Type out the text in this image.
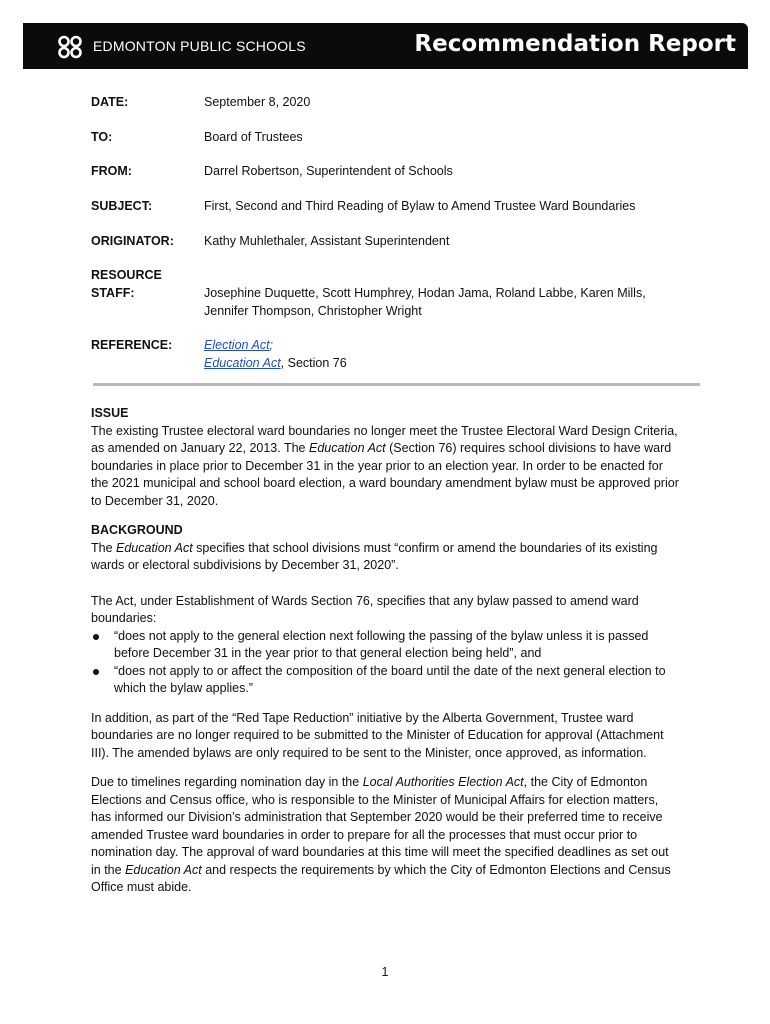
EDMONTON PUBLIC SCHOOLS	Recommendation Report
DATE:	September 8, 2020
TO:	Board of Trustees
FROM:	Darrel Robertson, Superintendent of Schools
SUBJECT:	First, Second and Third Reading of Bylaw to Amend Trustee Ward Boundaries
ORIGINATOR:	Kathy Muhlethaler, Assistant Superintendent
RESOURCE
STAFF:	Josephine Duquette, Scott Humphrey, Hodan Jama, Roland Labbe, Karen Mills,
Jennifer Thompson, Christopher Wright
REFERENCE:	Election Act;
Education Act, Section 76
ISSUE

The existing Trustee electoral ward boundaries no longer meet the Trustee Electoral Ward Design Criteria, as amended on January 22, 2013. The Education Act (Section 76) requires school divisions to have ward boundaries in place prior to December 31 in the year prior to an election year. In order to be enacted for the 2021 municipal and school board election, a ward boundary amendment bylaw must be approved prior to December 31, 2020.

BACKGROUND

The Education Act specifies that school divisions must “confirm or amend the boundaries of its existing wards or electoral subdivisions by December 31, 2020”.

The Act, under Establishment of Wards Section 76, specifies that any bylaw passed to amend ward boundaries:

“does not apply to the general election next following the passing of the bylaw unless it is passed before December 31 in the year prior to that general election being held”, and
“does not apply to or affect the composition of the board until the date of the next general election to which the bylaw applies.”

In addition, as part of the “Red Tape Reduction” initiative by the Alberta Government, Trustee ward boundaries are no longer required to be submitted to the Minister of Education for approval (Attachment III). The amended bylaws are only required to be sent to the Minister, once approved, as information.

Due to timelines regarding nomination day in the Local Authorities Election Act, the City of Edmonton Elections and Census office, who is responsible to the Minister of Municipal Affairs for election matters, has informed our Division’s administration that September 2020 would be their preferred time to receive amended Trustee ward boundaries in order to prepare for all the processes that must occur prior to nomination day. The approval of ward boundaries at this time will meet the specified deadlines as set out in the Education Act and respects the requirements by which the City of Edmonton Elections and Census Office must abide.

1
